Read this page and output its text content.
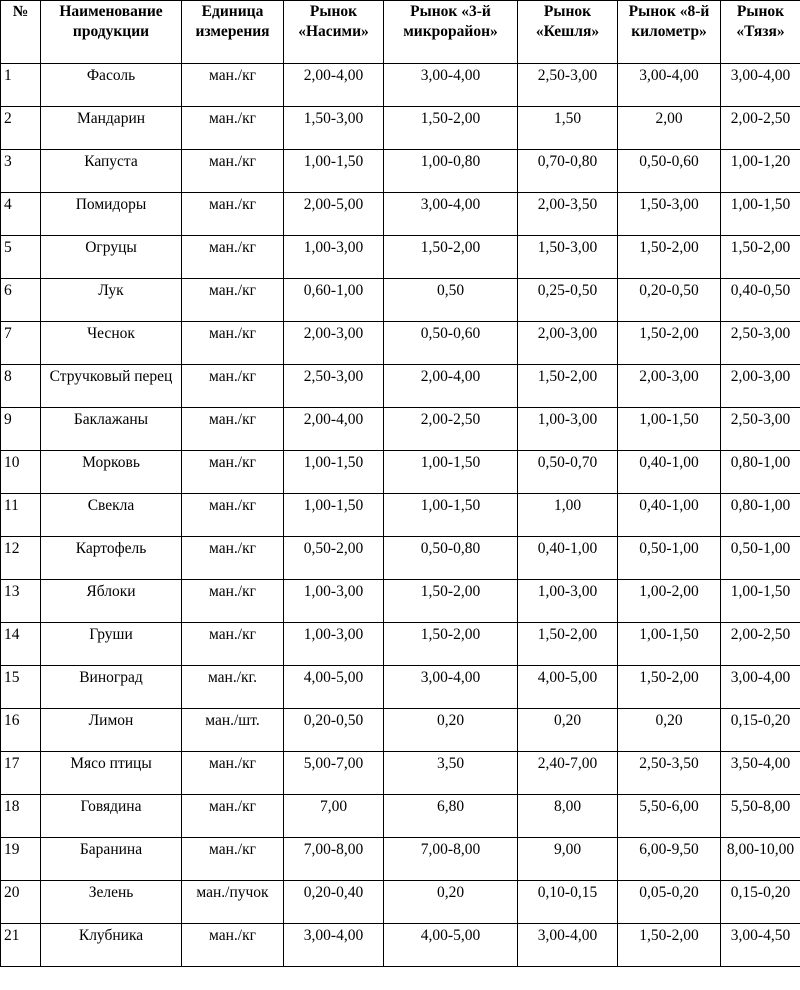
№	Наименование продукции	Единица измерения	Рынок «Насими»	Рынок «3-й микрорайон»	Рынок «Кешля»	Рынок «8-й километр»	Рынок «Тязя»
1	Фасоль	ман./кг	2,00-4,00	3,00-4,00	2,50-3,00	3,00-4,00	3,00-4,00
2	Мандарин	ман./кг	1,50-3,00	1,50-2,00	1,50	2,00	2,00-2,50
3	Капуста	ман./кг	1,00-1,50	1,00-0,80	0,70-0,80	0,50-0,60	1,00-1,20
4	Помидоры	ман./кг	2,00-5,00	3,00-4,00	2,00-3,50	1,50-3,00	1,00-1,50
5	Огруцы	ман./кг	1,00-3,00	1,50-2,00	1,50-3,00	1,50-2,00	1,50-2,00
6	Лук	ман./кг	0,60-1,00	0,50	0,25-0,50	0,20-0,50	0,40-0,50
7	Чеснок	ман./кг	2,00-3,00	0,50-0,60	2,00-3,00	1,50-2,00	2,50-3,00
8	Стручковый перец	ман./кг	2,50-3,00	2,00-4,00	1,50-2,00	2,00-3,00	2,00-3,00
9	Баклажаны	ман./кг	2,00-4,00	2,00-2,50	1,00-3,00	1,00-1,50	2,50-3,00
10	Морковь	ман./кг	1,00-1,50	1,00-1,50	0,50-0,70	0,40-1,00	0,80-1,00
11	Свекла	ман./кг	1,00-1,50	1,00-1,50	1,00	0,40-1,00	0,80-1,00
12	Картофель	ман./кг	0,50-2,00	0,50-0,80	0,40-1,00	0,50-1,00	0,50-1,00
13	Яблоки	ман./кг	1,00-3,00	1,50-2,00	1,00-3,00	1,00-2,00	1,00-1,50
14	Груши	ман./кг	1,00-3,00	1,50-2,00	1,50-2,00	1,00-1,50	2,00-2,50
15	Виноград	ман./кг.	4,00-5,00	3,00-4,00	4,00-5,00	1,50-2,00	3,00-4,00
16	Лимон	ман./шт.	0,20-0,50	0,20	0,20	0,20	0,15-0,20
17	Мясо птицы	ман./кг	5,00-7,00	3,50	2,40-7,00	2,50-3,50	3,50-4,00
18	Говядина	ман./кг	7,00	6,80	8,00	5,50-6,00	5,50-8,00
19	Баранина	ман./кг	7,00-8,00	7,00-8,00	9,00	6,00-9,50	8,00-10,00
20	Зелень	ман./пучок	0,20-0,40	0,20	0,10-0,15	0,05-0,20	0,15-0,20
21	Клубника	ман./кг	3,00-4,00	4,00-5,00	3,00-4,00	1,50-2,00	3,00-4,50
